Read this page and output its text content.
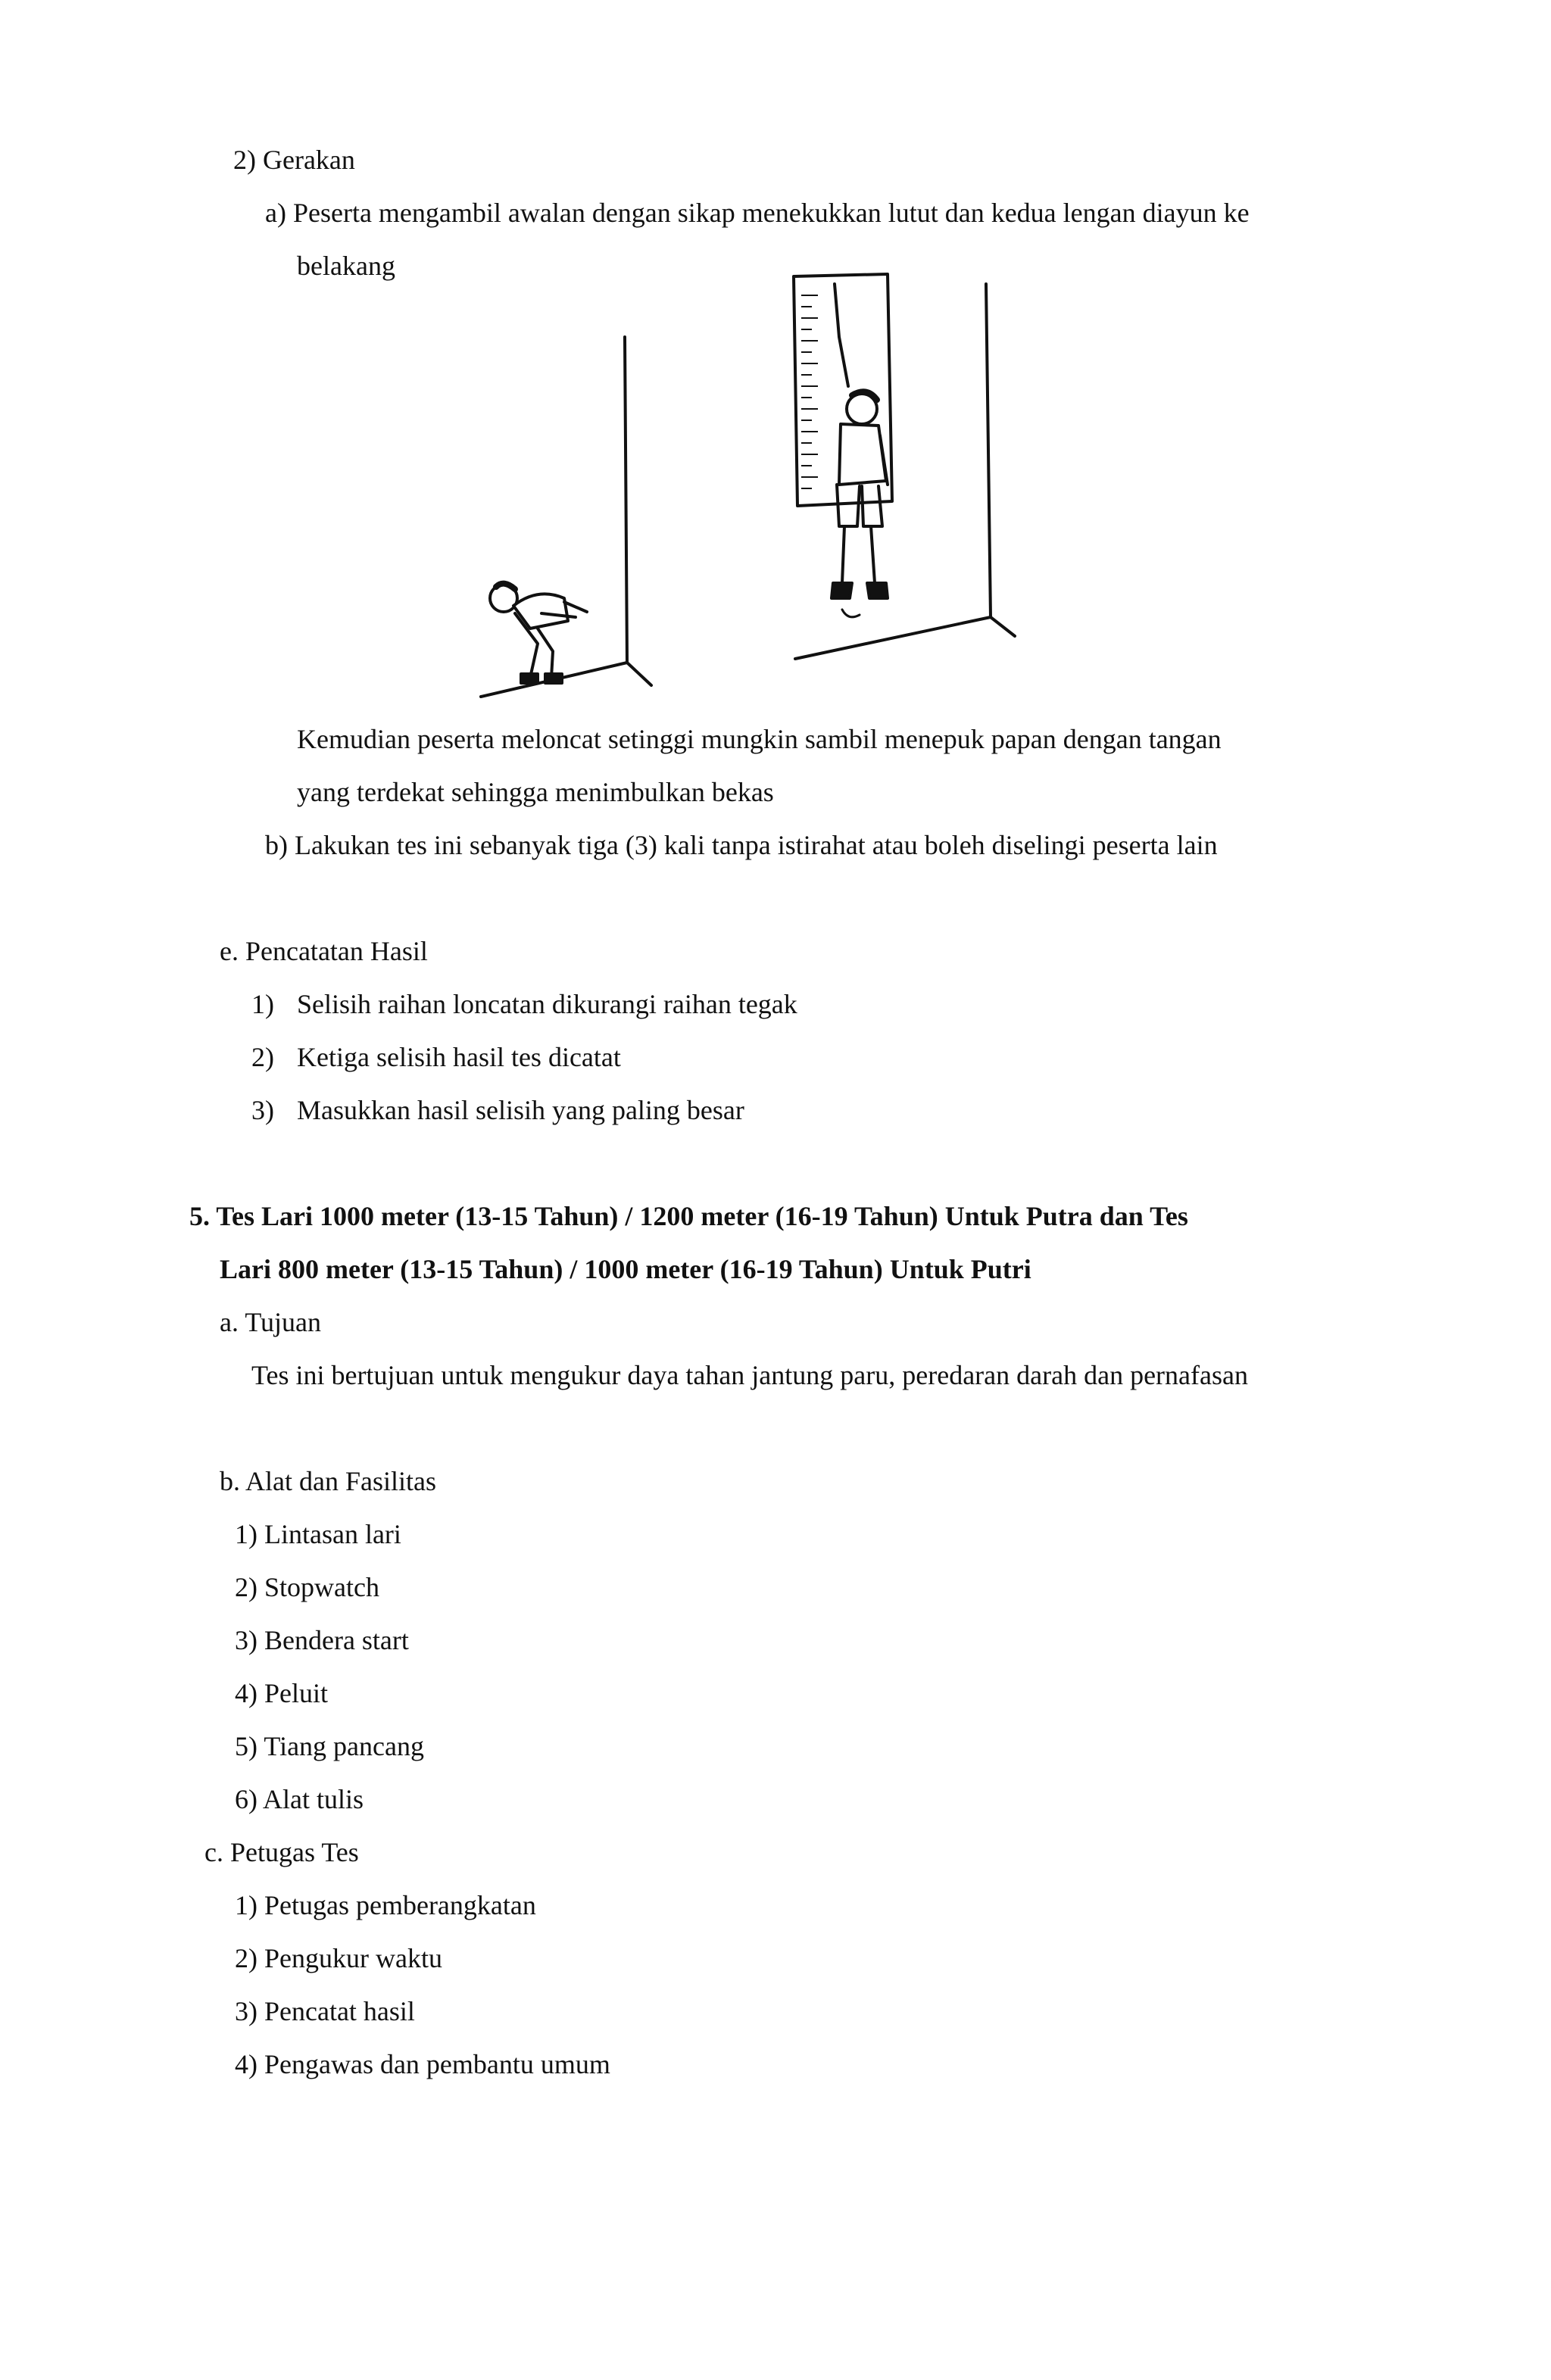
2) Gerakan
a) Peserta mengambil awalan dengan sikap menekukkan lutut dan kedua lengan diayun ke
belakang
Kemudian peserta meloncat setinggi mungkin sambil menepuk papan dengan tangan
yang terdekat sehingga menimbulkan bekas
b) Lakukan tes ini sebanyak tiga (3) kali tanpa istirahat atau boleh diselingi peserta lain
e. Pencatatan Hasil
1) Selisih raihan loncatan dikurangi raihan tegak
2) Ketiga selisih hasil tes dicatat
3) Masukkan hasil selisih yang paling besar
5. Tes Lari 1000 meter (13-15 Tahun) / 1200 meter (16-19 Tahun) Untuk Putra dan Tes
Lari 800 meter (13-15 Tahun) / 1000 meter (16-19 Tahun) Untuk Putri
a. Tujuan
Tes ini bertujuan untuk mengukur daya tahan jantung paru, peredaran darah dan pernafasan
b. Alat dan Fasilitas
1) Lintasan lari
2) Stopwatch
3) Bendera start
4) Peluit
5) Tiang pancang
6) Alat tulis
c. Petugas Tes
1) Petugas pemberangkatan
2) Pengukur waktu
3) Pencatat hasil
4) Pengawas dan pembantu umum
